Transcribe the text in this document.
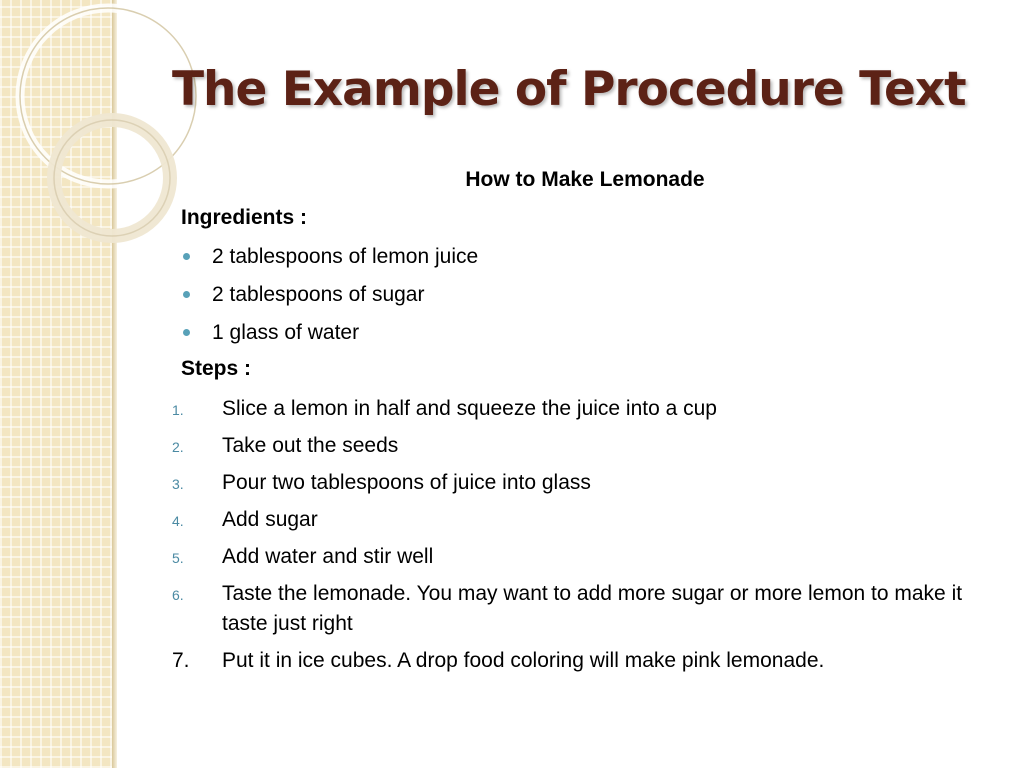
The Example of Procedure Text
How to Make Lemonade
Ingredients :
2 tablespoons of lemon juice
2 tablespoons of sugar
1 glass of water
Steps :
1. Slice a lemon in half and squeeze the juice into a cup
2. Take out the seeds
3. Pour two tablespoons of juice into glass
4. Add sugar
5. Add water and stir well
6. Taste the lemonade. You may want to add more sugar or more lemon to make it taste just right
7. Put it in ice cubes. A drop food coloring will make pink lemonade.
